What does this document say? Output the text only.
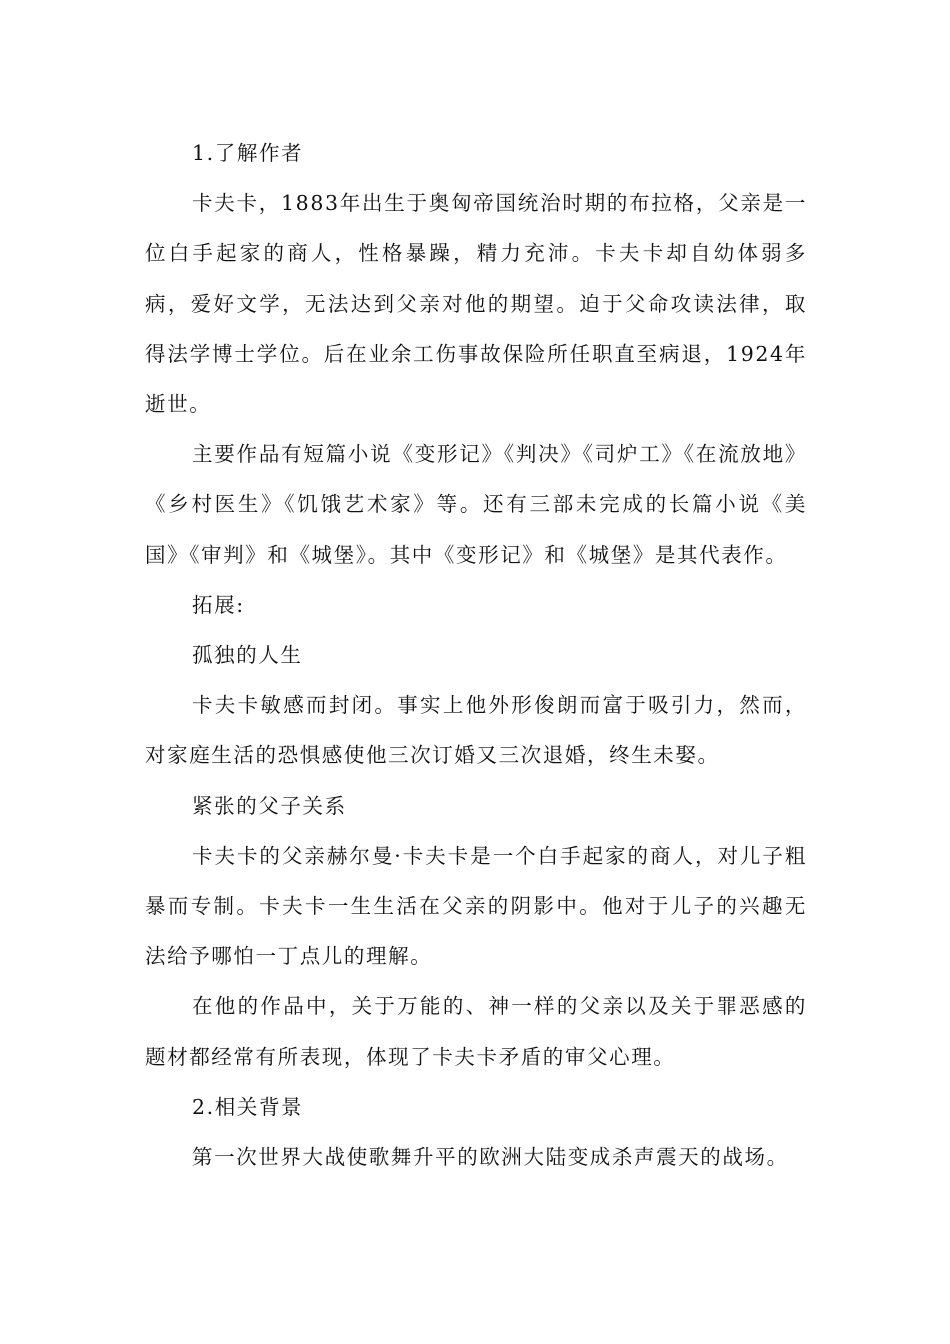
1.了解作者

卡夫卡，1883年出生于奥匈帝国统治时期的布拉格，父亲是一位白手起家的商人，性格暴躁，精力充沛。卡夫卡却自幼体弱多病，爱好文学，无法达到父亲对他的期望。迫于父命攻读法律，取得法学博士学位。后在业余工伤事故保险所任职直至病退，1924年逝世。

主要作品有短篇小说《变形记》《判决》《司炉工》《在流放地》《乡村医生》《饥饿艺术家》等。还有三部未完成的长篇小说《美国》《审判》和《城堡》。其中《变形记》和《城堡》是其代表作。

拓展:

孤独的人生

卡夫卡敏感而封闭。事实上他外形俊朗而富于吸引力，然而，对家庭生活的恐惧感使他三次订婚又三次退婚，终生未娶。

紧张的父子关系

卡夫卡的父亲赫尔曼·卡夫卡是一个白手起家的商人，对儿子粗暴而专制。卡夫卡一生生活在父亲的阴影中。他对于儿子的兴趣无法给予哪怕一丁点儿的理解。

在他的作品中，关于万能的、神一样的父亲以及关于罪恶感的题材都经常有所表现，体现了卡夫卡矛盾的审父心理。

2.相关背景

第一次世界大战使歌舞升平的欧洲大陆变成杀声震天的战场。
